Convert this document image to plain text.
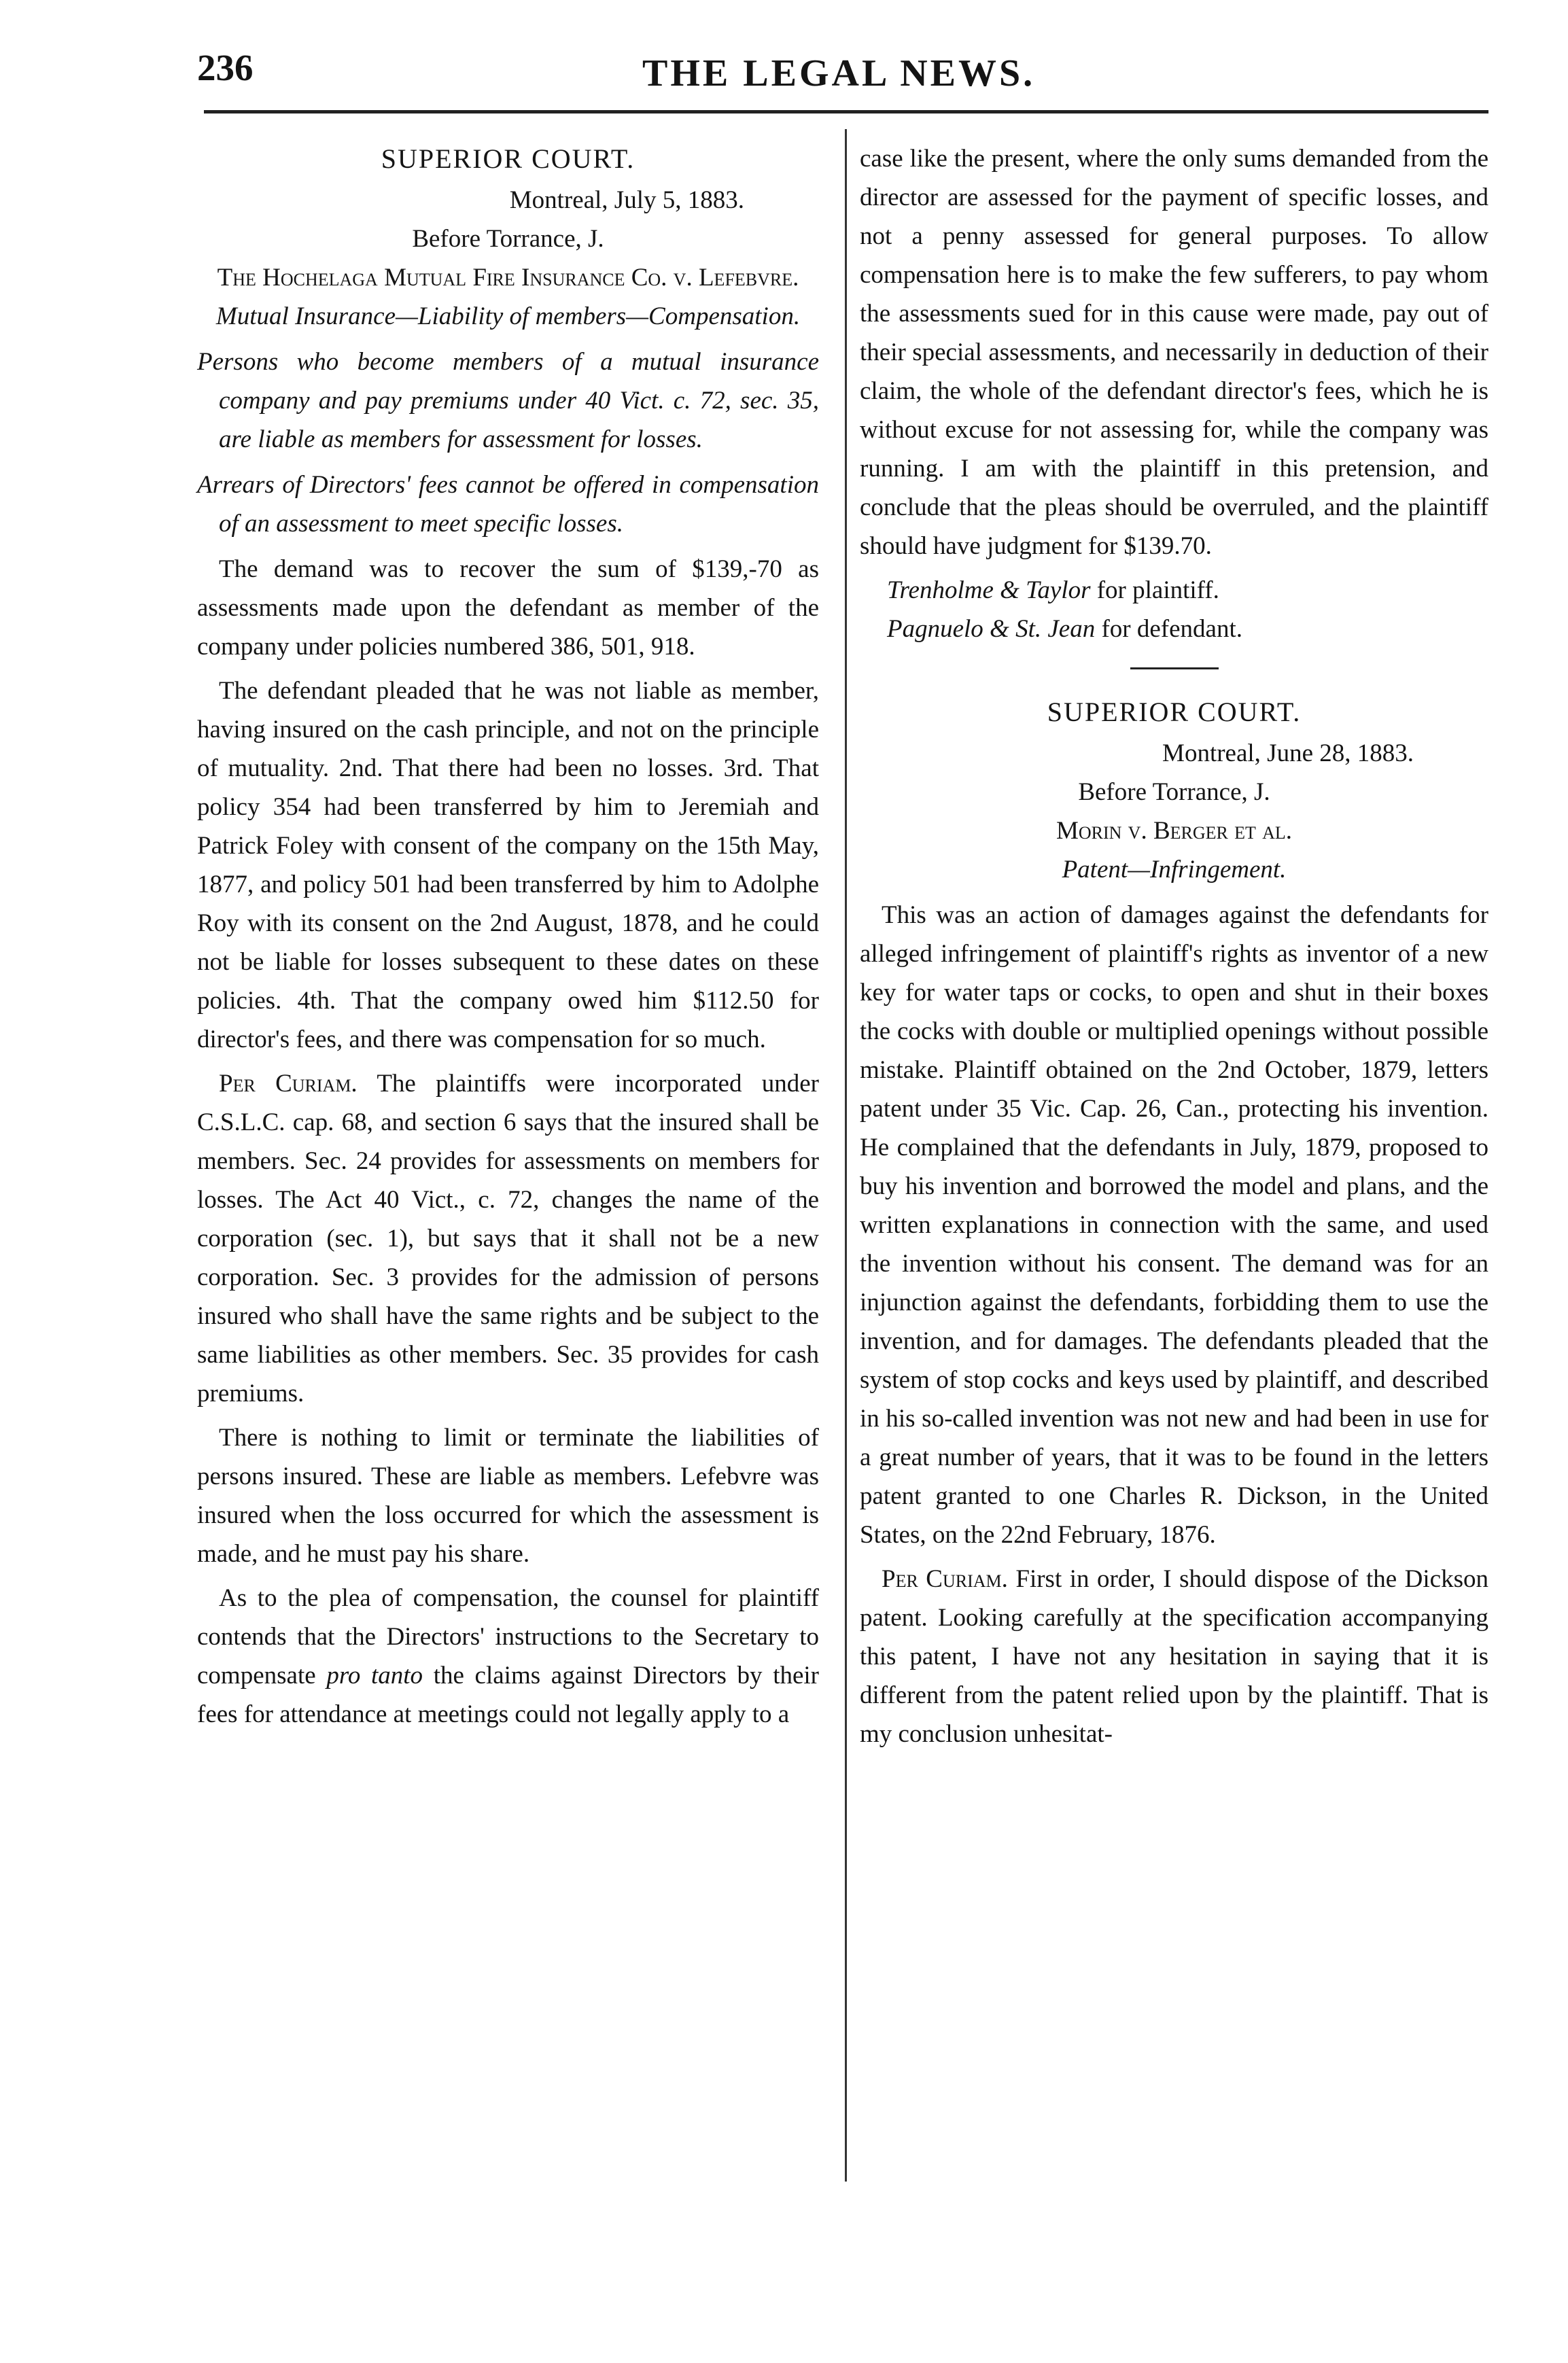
236	THE LEGAL NEWS.
SUPERIOR COURT.
Montreal, July 5, 1883.
Before Torrance, J.
The Hochelaga Mutual Fire Insurance Co. v. Lefebvre.
Mutual Insurance—Liability of members—Compensation.
Persons who become members of a mutual insurance company and pay premiums under 40 Vict. c. 72, sec. 35, are liable as members for assessment for losses.
Arrears of Directors' fees cannot be offered in compensation of an assessment to meet specific losses.

The demand was to recover the sum of $139,-70 as assessments made upon the defendant as member of the company under policies numbered 386, 501, 918.

The defendant pleaded that he was not liable as member, having insured on the cash principle, and not on the principle of mutuality. 2nd. That there had been no losses. 3rd. That policy 354 had been transferred by him to Jeremiah and Patrick Foley with consent of the company on the 15th May, 1877, and policy 501 had been transferred by him to Adolphe Roy with its consent on the 2nd August, 1878, and he could not be liable for losses subsequent to these dates on these policies. 4th. That the company owed him $112.50 for director's fees, and there was compensation for so much.

Per Curiam. The plaintiffs were incorporated under C.S.L.C. cap. 68, and section 6 says that the insured shall be members. Sec. 24 provides for assessments on members for losses. The Act 40 Vict., c. 72, changes the name of the corporation (sec. 1), but says that it shall not be a new corporation. Sec. 3 provides for the admission of persons insured who shall have the same rights and be subject to the same liabilities as other members. Sec. 35 provides for cash premiums.

There is nothing to limit or terminate the liabilities of persons insured. These are liable as members. Lefebvre was insured when the loss occurred for which the assessment is made, and he must pay his share.

As to the plea of compensation, the counsel for plaintiff contends that the Directors' instructions to the Secretary to compensate pro tanto the claims against Directors by their fees for attendance at meetings could not legally apply to a

case like the present, where the only sums demanded from the director are assessed for the payment of specific losses, and not a penny assessed for general purposes. To allow compensation here is to make the few sufferers, to pay whom the assessments sued for in this cause were made, pay out of their special assessments, and necessarily in deduction of their claim, the whole of the defendant director's fees, which he is without excuse for not assessing for, while the company was running. I am with the plaintiff in this pretension, and conclude that the pleas should be overruled, and the plaintiff should have judgment for $139.70.

Trenholme & Taylor for plaintiff.
Pagnuelo & St. Jean for defendant.
SUPERIOR COURT.
Montreal, June 28, 1883.
Before Torrance, J.
Morin v. Berger et al.
Patent—Infringement.

This was an action of damages against the defendants for alleged infringement of plaintiff's rights as inventor of a new key for water taps or cocks, to open and shut in their boxes the cocks with double or multiplied openings without possible mistake. Plaintiff obtained on the 2nd October, 1879, letters patent under 35 Vic. Cap. 26, Can., protecting his invention. He complained that the defendants in July, 1879, proposed to buy his invention and borrowed the model and plans, and the written explanations in connection with the same, and used the invention without his consent. The demand was for an injunction against the defendants, forbidding them to use the invention, and for damages. The defendants pleaded that the system of stop cocks and keys used by plaintiff, and described in his so-called invention was not new and had been in use for a great number of years, that it was to be found in the letters patent granted to one Charles R. Dickson, in the United States, on the 22nd February, 1876.

Per Curiam. First in order, I should dispose of the Dickson patent. Looking carefully at the specification accompanying this patent, I have not any hesitation in saying that it is different from the patent relied upon by the plaintiff. That is my conclusion unhesitat-
